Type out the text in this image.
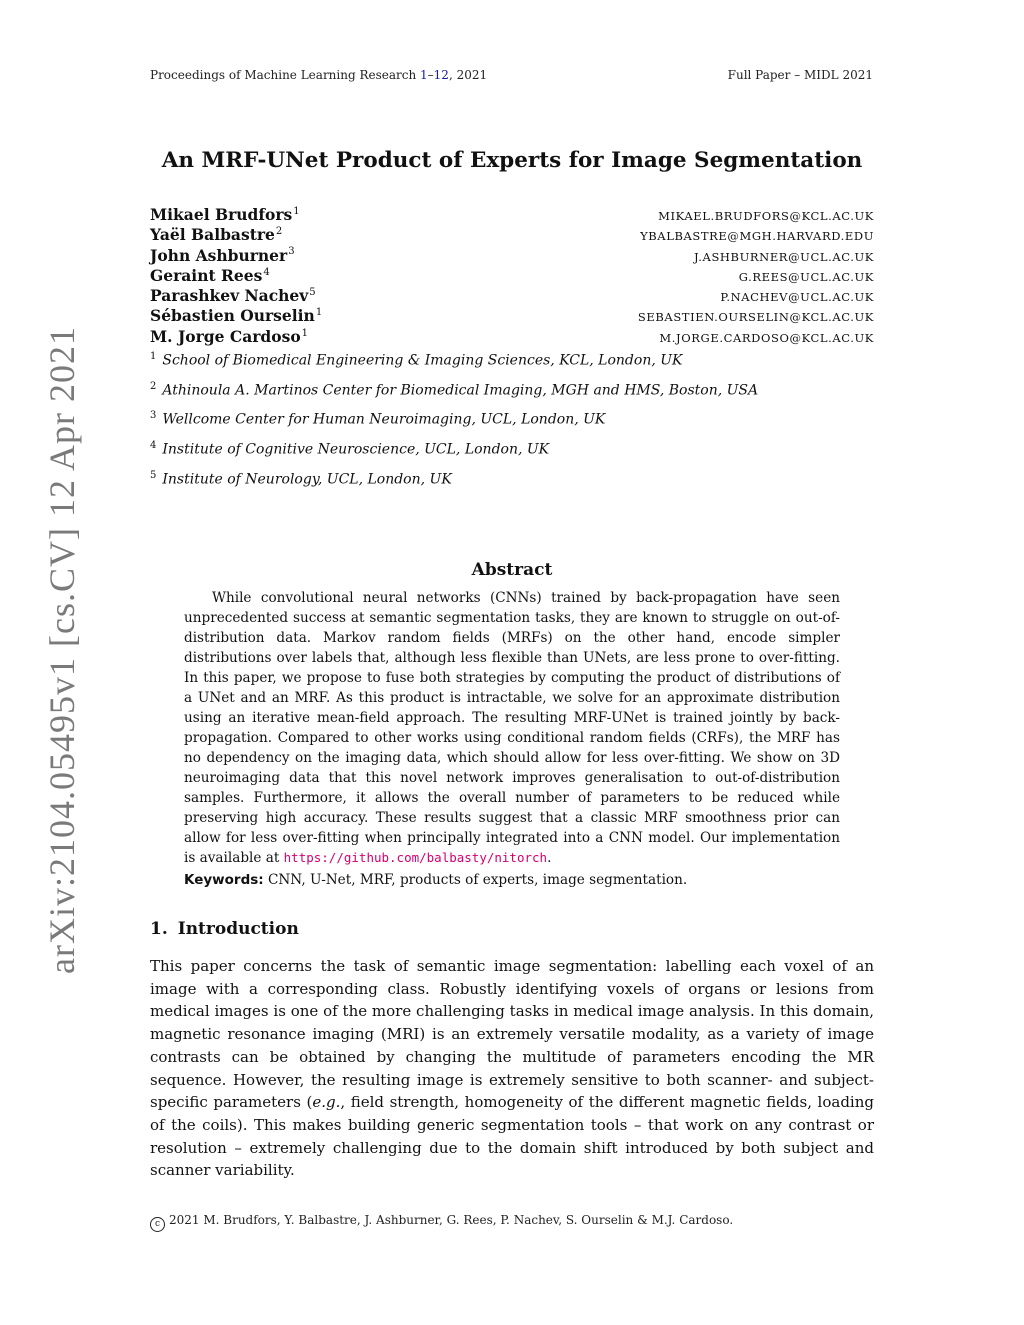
Proceedings of Machine Learning Research 1–12, 2021	Full Paper – MIDL 2021
arXiv:2104.05495v1 [cs.CV] 12 Apr 2021
An MRF-UNet Product of Experts for Image Segmentation
Mikael Brudfors$^1$	MIKAEL.BRUDFORS@KCL.AC.UK
Yaël Balbastre$^2$	YBALBASTRE@MGH.HARVARD.EDU
John Ashburner$^3$	J.ASHBURNER@UCL.AC.UK
Geraint Rees$^4$	G.REES@UCL.AC.UK
Parashkev Nachev$^5$	P.NACHEV@UCL.AC.UK
Sébastien Ourselin$^1$	SEBASTIEN.OURSELIN@KCL.AC.UK
M. Jorge Cardoso$^1$	M.JORGE.CARDOSO@KCL.AC.UK
$^1$ School of Biomedical Engineering & Imaging Sciences, KCL, London, UK
$^2$ Athinoula A. Martinos Center for Biomedical Imaging, MGH and HMS, Boston, USA
$^3$ Wellcome Center for Human Neuroimaging, UCL, London, UK
$^4$ Institute of Cognitive Neuroscience, UCL, London, UK
$^5$ Institute of Neurology, UCL, London, UK
Abstract

While convolutional neural networks (CNNs) trained by back-propagation have seen unprecedented success at semantic segmentation tasks, they are known to struggle on out-of-distribution data. Markov random fields (MRFs) on the other hand, encode simpler distributions over labels that, although less flexible than UNets, are less prone to over-fitting. In this paper, we propose to fuse both strategies by computing the product of distributions of a UNet and an MRF. As this product is intractable, we solve for an approximate distribution using an iterative mean-field approach. The resulting MRF-UNet is trained jointly by back-propagation. Compared to other works using conditional random fields (CRFs), the MRF has no dependency on the imaging data, which should allow for less over-fitting. We show on 3D neuroimaging data that this novel network improves generalisation to out-of-distribution samples. Furthermore, it allows the overall number of parameters to be reduced while preserving high accuracy. These results suggest that a classic MRF smoothness prior can allow for less over-fitting when principally integrated into a CNN model. Our implementation is available at https://github.com/balbasty/nitorch.

Keywords: CNN, U-Net, MRF, products of experts, image segmentation.
1. Introduction

This paper concerns the task of semantic image segmentation: labelling each voxel of an image with a corresponding class. Robustly identifying voxels of organs or lesions from medical images is one of the more challenging tasks in medical image analysis. In this domain, magnetic resonance imaging (MRI) is an extremely versatile modality, as a variety of image contrasts can be obtained by changing the multitude of parameters encoding the MR sequence. However, the resulting image is extremely sensitive to both scanner- and subject-specific parameters (e.g., field strength, homogeneity of the different magnetic fields, loading of the coils). This makes building generic segmentation tools – that work on any contrast or resolution – extremely challenging due to the domain shift introduced by both subject and scanner variability.

c 2021 M. Brudfors, Y. Balbastre, J. Ashburner, G. Rees, P. Nachev, S. Ourselin & M.J. Cardoso.
